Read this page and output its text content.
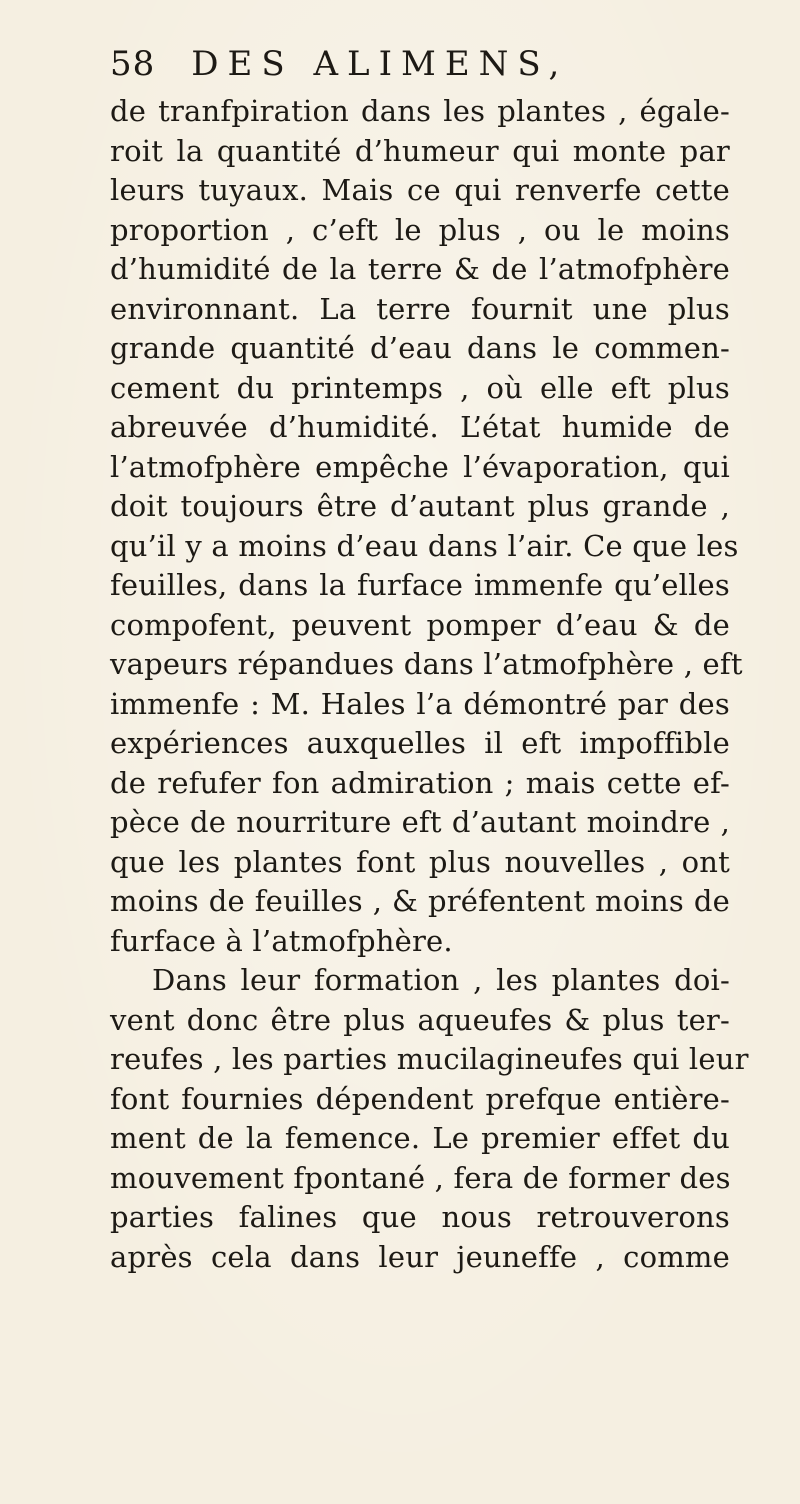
58 DES ALIMENS,
de tranfpiration dans les plantes , égale-
roit la quantité d’humeur qui monte par
leurs tuyaux. Mais ce qui renverfe cette
proportion , c’eft le plus , ou le moins
d’humidité de la terre & de l’atmofphère
environnant. La terre fournit une plus
grande quantité d’eau dans le commen-
cement du printemps , où elle eft plus
abreuvée d’humidité. L’état humide de
l’atmofphère empêche l’évaporation, qui
doit toujours être d’autant plus grande ,
qu’il y a moins d’eau dans l’air. Ce que les
feuilles, dans la furface immenfe qu’elles
compofent, peuvent pomper d’eau & de
vapeurs répandues dans l’atmofphère , eft
immenfe : M. Hales l’a démontré par des
expériences auxquelles il eft impoffible
de refufer fon admiration ; mais cette ef-
pèce de nourriture eft d’autant moindre ,
que les plantes font plus nouvelles , ont
moins de feuilles , & préfentent moins de
furface à l’atmofphère.
Dans leur formation , les plantes doi-
vent donc être plus aqueufes & plus ter-
reufes , les parties mucilagineufes qui leur
font fournies dépendent prefque entière-
ment de la femence. Le premier effet du
mouvement fpontané , fera de former des
parties falines que nous retrouverons
après cela dans leur jeuneffe , comme
